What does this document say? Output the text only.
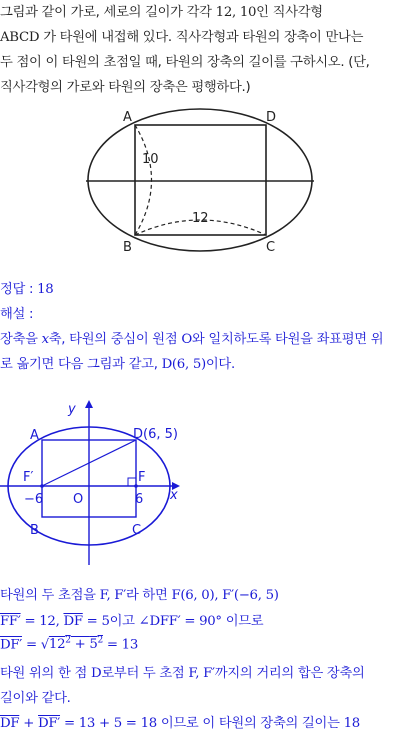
그림과 같이 가로, 세로의 길이가 각각 12, 10인 직사각형
ABCD 가 타원에 내접해 있다. 직사각형과 타원의 장축이 만나는
두 점이 이 타원의 초점일 때, 타원의 장축의 길이를 구하시오. (단,
직사각형의 가로와 타원의 장축은 평행하다.)
A	D
B	C
10
12
정답 : 18
해설 :
장축을 x축, 타원의 중심이 원점 O와 일치하도록 타원을 좌표평면 위
로 옮기면 다음 그림과 같고, D(6, 5)이다.
y
x
A	D(6, 5)
B	C
F′	F
−6 O	6
타원의 두 초점을 F, F′라 하면 F(6, 0), F′(−6, 5)
FF′ = 12, $\overline{DF} = 5$이고 ∠DFF′ = 90° 이므로
$DF' = √12^2 + 5^2 = 13$
타원 위의 한 점 D로부터 두 초점 F, F′까지의 거리의 합은 장축의
길이와 같다.
$\overline{DF} + DF' = 13 + 5 = 18$ 이므로 이 타원의 장축의 길이는 18
